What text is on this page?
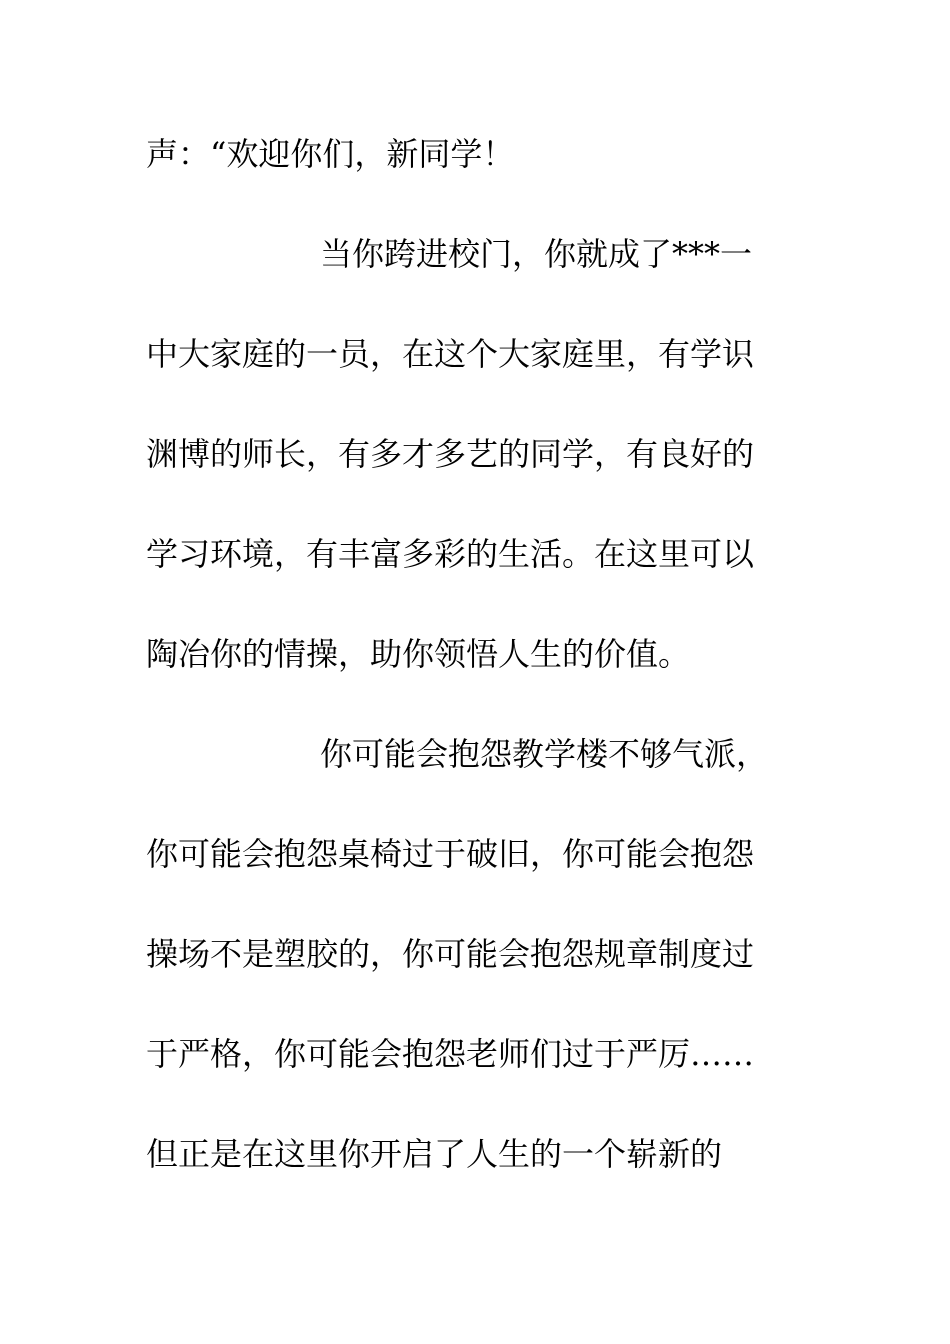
声：“欢迎你们，新同学！
当你跨进校门，你就成了***一
中大家庭的一员，在这个大家庭里，有学识
渊博的师长，有多才多艺的同学，有良好的
学习环境，有丰富多彩的生活。在这里可以
陶冶你的情操，助你领悟人生的价值。
你可能会抱怨教学楼不够气派，
你可能会抱怨桌椅过于破旧，你可能会抱怨
操场不是塑胶的，你可能会抱怨规章制度过
于严格，你可能会抱怨老师们过于严厉……
但正是在这里你开启了人生的一个崭新的
